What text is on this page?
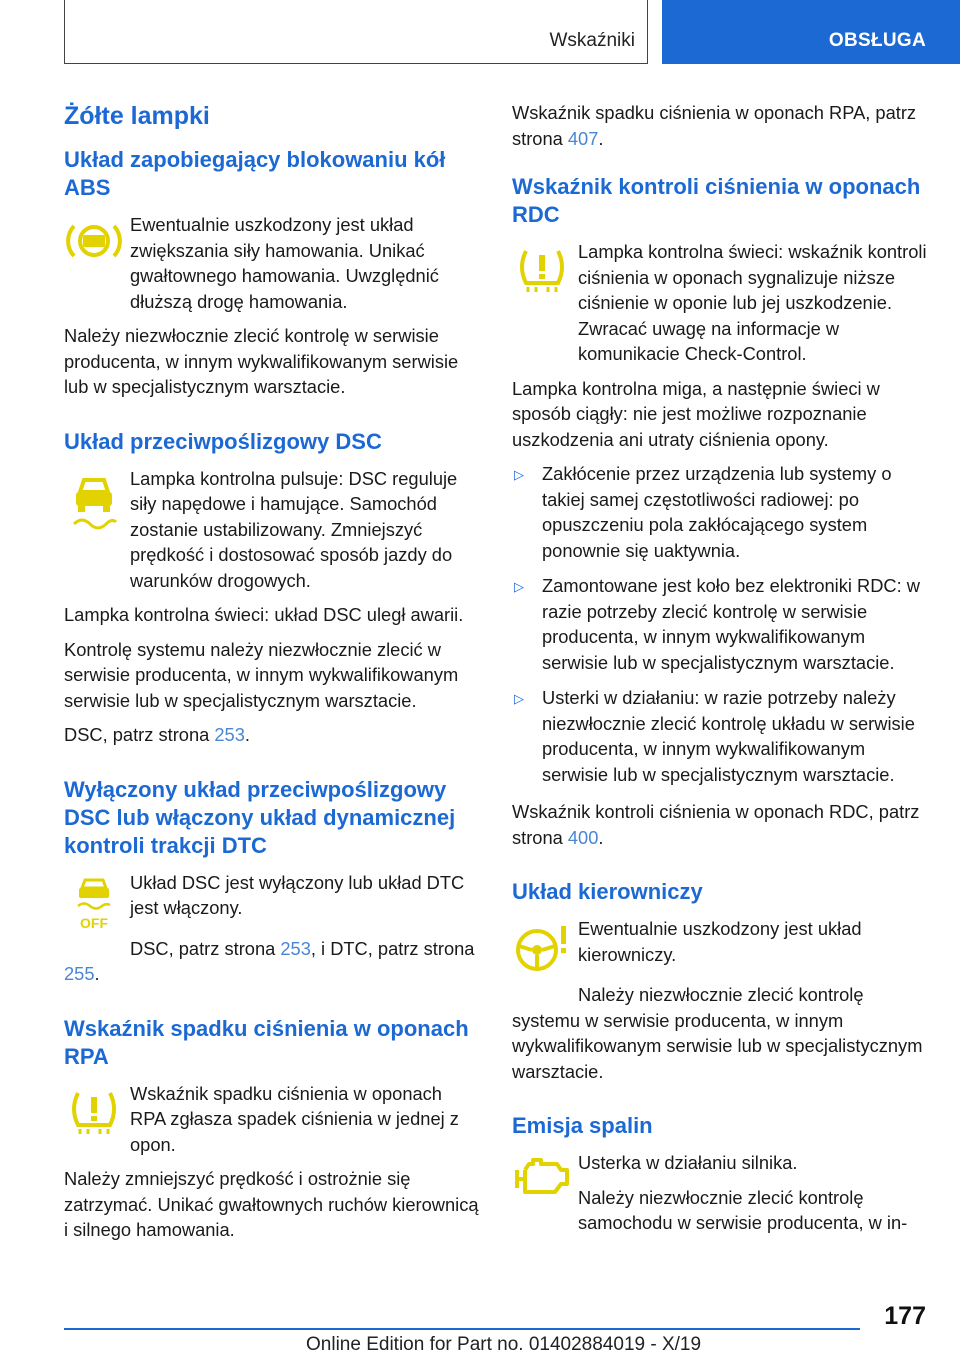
Wskaźniki	OBSŁUGA
Żółte lampki
Układ zapobiegający blokowaniu kół ABS

Ewentualnie uszkodzony jest układ zwiększania siły hamowania. Unikać gwałtownego hamowania. Uwzględnić dłuższą drogę hamowania.

Należy niezwłocznie zlecić kontrolę w serwisie producenta, w innym wykwalifikowanym serwisie lub w specjalistycznym warsztacie.

Układ przeciwpoślizgowy DSC

Lampka kontrolna pulsuje: DSC reguluje siły napędowe i hamujące. Samochód zostanie ustabilizowany. Zmniejszyć prędkość i dostosować sposób jazdy do warunków drogowych.

Lampka kontrolna świeci: układ DSC uległ awarii.

Kontrolę systemu należy niezwłocznie zlecić w serwisie producenta, w innym wykwalifikowanym serwisie lub w specjalistycznym warsztacie.

DSC, patrz strona 253.

Wyłączony układ przeciwpoślizgowy DSC lub włączony układ dynamicznej kontroli trakcji DTC
OFF

Układ DSC jest wyłączony lub układ DTC jest włączony.

DSC, patrz strona 253, i DTC, patrz strona 255.

Wskaźnik spadku ciśnienia w oponach RPA

Wskaźnik spadku ciśnienia w oponach RPA zgłasza spadek ciśnienia w jednej z opon.

Należy zmniejszyć prędkość i ostrożnie się zatrzymać. Unikać gwałtownych ruchów kierownicą i silnego hamowania.

Wskaźnik spadku ciśnienia w oponach RPA, patrz strona 407.

Wskaźnik kontroli ciśnienia w oponach RDC

Lampka kontrolna świeci: wskaźnik kontroli ciśnienia w oponach sygnalizuje niższe ciśnienie w oponie lub jej uszkodzenie. Zwracać uwagę na informacje w komunikacie Check-Control.

Lampka kontrolna miga, a następnie świeci w sposób ciągły: nie jest możliwe rozpoznanie uszkodzenia ani utraty ciśnienia opony.

▷ Zakłócenie przez urządzenia lub systemy o takiej samej częstotliwości radiowej: po opuszczeniu pola zakłócającego system ponownie się uaktywnia.
▷ Zamontowane jest koło bez elektroniki RDC: w razie potrzeby zlecić kontrolę w serwisie producenta, w innym wykwalifikowanym serwisie lub w specjalistycznym warsztacie.
▷ Usterki w działaniu: w razie potrzeby należy niezwłocznie zlecić kontrolę układu w serwisie producenta, w innym wykwalifikowanym serwisie lub w specjalistycznym warsztacie.

Wskaźnik kontroli ciśnienia w oponach RDC, patrz strona 400.

Układ kierowniczy

Ewentualnie uszkodzony jest układ kierowniczy.

Należy niezwłocznie zlecić kontrolę systemu w serwisie producenta, w innym wykwalifikowanym serwisie lub w specjalistycznym warsztacie.

Emisja spalin

Usterka w działaniu silnika.

Należy niezwłocznie zlecić kontrolę samochodu w serwisie producenta, w in-

177
Online Edition for Part no. 01402884019 - X/19
